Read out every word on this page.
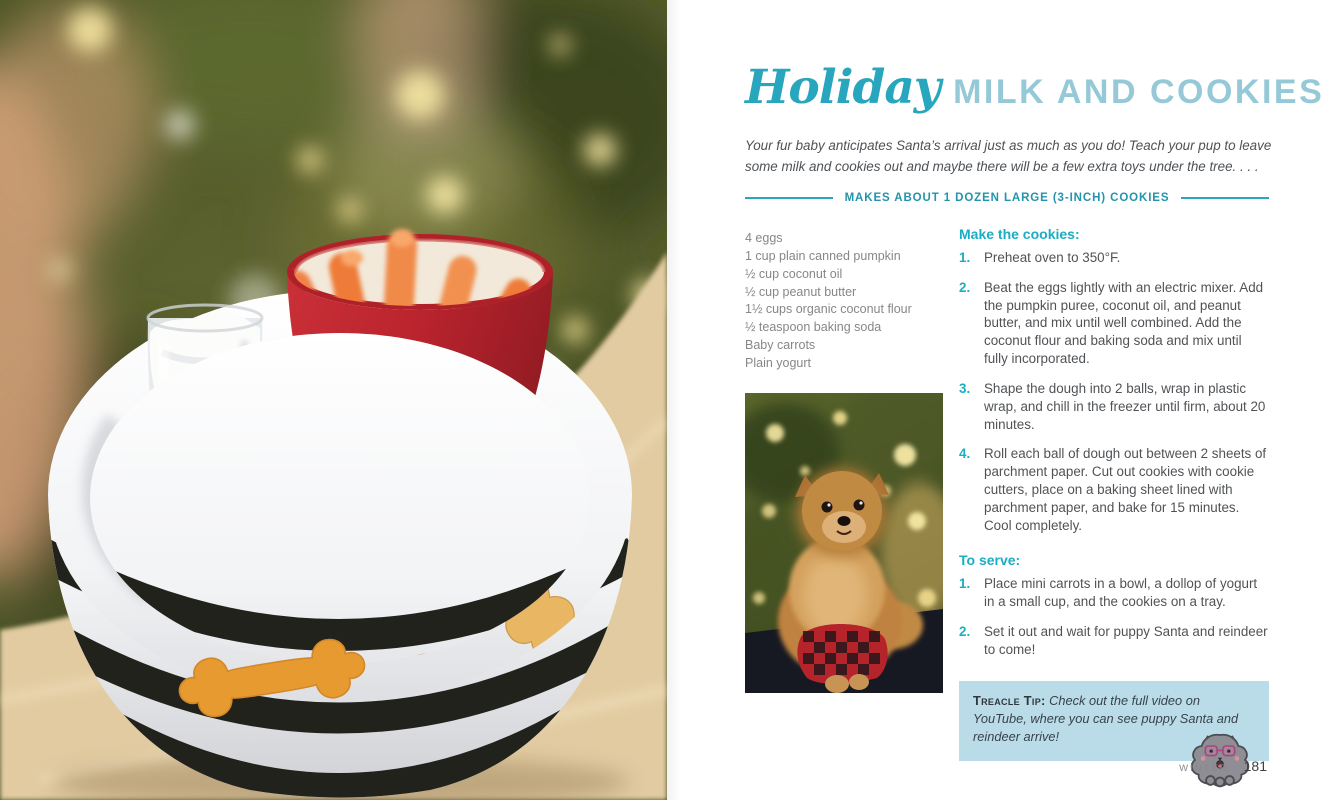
Holiday MILK AND COOKIES

Your fur baby anticipates Santa’s arrival just as much as you do! Teach your pup to leave some milk and cookies out and maybe there will be a few extra toys under the tree. . . .

MAKES ABOUT 1 DOZEN LARGE (3-INCH) COOKIES
4 eggs
1 cup plain canned pumpkin
½ cup coconut oil
½ cup peanut butter
1½ cups organic coconut flour
½ teaspoon baking soda
Baby carrots
Plain yogurt
Make the cookies:
1.	Preheat oven to 350°F.
2.	Beat the eggs lightly with an electric mixer. Add the pumpkin puree, coconut oil, and peanut butter, and mix until well combined. Add the coconut flour and baking soda and mix until fully incorporated.
3.	Shape the dough into 2 balls, wrap in plastic wrap, and chill in the freezer until firm, about 20 minutes.
4.	Roll each ball of dough out between 2 sheets of parchment paper. Cut out cookies with cookie cutters, place on a baking sheet lined with parchment paper, and bake for 15 minutes. Cool completely.
To serve:
1.	Place mini carrots in a bowl, a dollop of yogurt in a small cup, and the cookies on a tray.
2.	Set it out and wait for puppy Santa and reindeer to come!
Treacle Tip: Check out the full video on YouTube, where you can see puppy Santa and reindeer arrive!
WINTER 181
